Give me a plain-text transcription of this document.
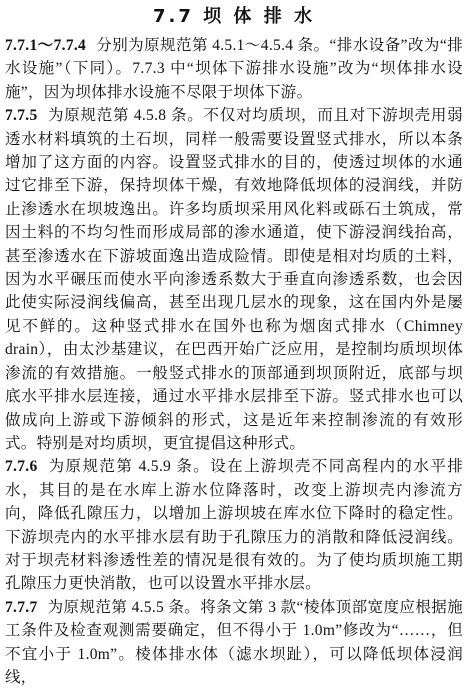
7.7 坝 体 排 水

7.7.1～7.7.4 分别为原规范第 4.5.1～4.5.4 条。“排水设备”改为“排水设施”（下同）。7.7.3 中“坝体下游排水设施”改为“坝体排水设施”，因为坝体排水设施不尽限于坝体下游。

7.7.5 为原规范第 4.5.8 条。不仅对均质坝，而且对下游坝壳用弱透水材料填筑的土石坝，同样一般需要设置竖式排水，所以本条增加了这方面的内容。设置竖式排水的目的，使透过坝体的水通过它排至下游，保持坝体干燥，有效地降低坝体的浸润线，并防止渗透水在坝坡逸出。许多均质坝采用风化料或砾石土筑成，常因土料的不均匀性而形成局部的渗水通道，使下游浸润线抬高，甚至渗透水在下游坡面逸出造成险情。即使是相对均质的土料，因为水平碾压而使水平向渗透系数大于垂直向渗透系数，也会因此使实际浸润线偏高，甚至出现几层水的现象，这在国内外是屡见不鲜的。这种竖式排水在国外也称为烟囱式排水（Chimney drain），由太沙基建议，在巴西开始广泛应用，是控制均质坝坝体渗流的有效措施。一般竖式排水的顶部通到坝顶附近，底部与坝底水平排水层连接，通过水平排水层排至下游。竖式排水也可以做成向上游或下游倾斜的形式，这是近年来控制渗流的有效形式。特别是对均质坝，更宜提倡这种形式。

7.7.6 为原规范第 4.5.9 条。设在上游坝壳不同高程内的水平排水，其目的是在水库上游水位降落时，改变上游坝壳内渗流方向，降低孔隙压力，以增加上游坝坡在库水位下降时的稳定性。下游坝壳内的水平排水层有助于孔隙压力的消散和降低浸润线。对于坝壳材料渗透性差的情况是很有效的。为了使均质坝施工期孔隙压力更快消散，也可以设置水平排水层。

7.7.7 为原规范第 4.5.5 条。将条文第 3 款“棱体顶部宽度应根据施工条件及检查观测需要确定，但不得小于 1.0m”修改为“……，但不宜小于 1.0m”。棱体排水体（滤水坝趾），可以降低坝体浸润线，
